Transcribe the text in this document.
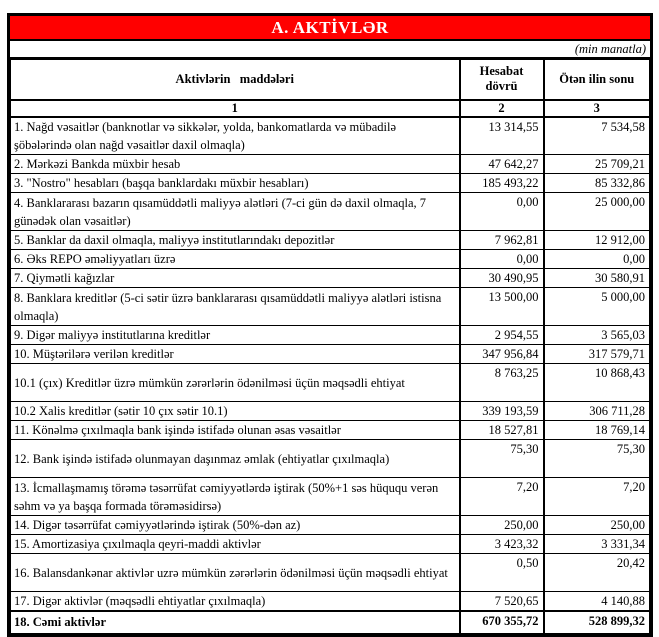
A. AKTİVLƏR
(min manatla)
Aktivlərin   maddələri	Hesabat dövrü	Ötən ilin sonu
1	2	3
1. Nağd vəsaitlər (banknotlar və sikkələr, yolda, bankomatlarda və mübadilə şöbələrində olan nağd vəsaitlər daxil olmaqla)	13 314,55	7 534,58
2. Mərkəzi Bankda müxbir hesab	47 642,27	25 709,21
3. "Nostro" hesabları (başqa banklardakı müxbir hesabları)	185 493,22	85 332,86
4. Banklararası bazarın qısamüddətli maliyyə alətləri (7-ci gün də daxil olmaqla, 7 günədək olan vəsaitlər)	0,00	25 000,00
5. Banklar da daxil olmaqla, maliyyə institutlarındakı depozitlər	7 962,81	12 912,00
6. Əks REPO əməliyyatları üzrə	0,00	0,00
7. Qiymətli kağızlar	30 490,95	30 580,91
8. Banklara kreditlər (5-ci sətir üzrə banklararası qısamüddətli maliyyə alətləri istisna olmaqla)	13 500,00	5 000,00
9. Digər maliyyə institutlarına kreditlər	2 954,55	3 565,03
10. Müştərilərə verilən kreditlər	347 956,84	317 579,71
10.1 (çıx) Kreditlər üzrə mümkün zərərlərin ödənilməsi üçün məqsədli ehtiyat	8 763,25	10 868,43
10.2 Xalis kreditlər (sətir 10 çıx sətir 10.1)	339 193,59	306 711,28
11. Könəlmə çıxılmaqla bank işində istifadə olunan əsas vəsaitlər	18 527,81	18 769,14
12. Bank işində istifadə olunmayan daşınmaz əmlak (ehtiyatlar çıxılmaqla)	75,30	75,30
13. İcmallaşmamış törəmə təsərrüfat cəmiyyətlərdə iştirak (50%+1 səs hüququ verən səhm və ya başqa formada törəməsidirsə)	7,20	7,20
14. Digər təsərrüfat cəmiyyətlərində iştirak (50%-dən az)	250,00	250,00
15. Amortizasiya çıxılmaqla qeyri-maddi aktivlər	3 423,32	3 331,34
16. Balansdankənar aktivlər uzrə mümkün zərərlərin ödənilməsi üçün məqsədli ehtiyat	0,50	20,42
17. Digər aktivlər (məqsədli ehtiyatlar çıxılmaqla)	7 520,65	4 140,88
18. Cəmi aktivlər	670 355,72	528 899,32
